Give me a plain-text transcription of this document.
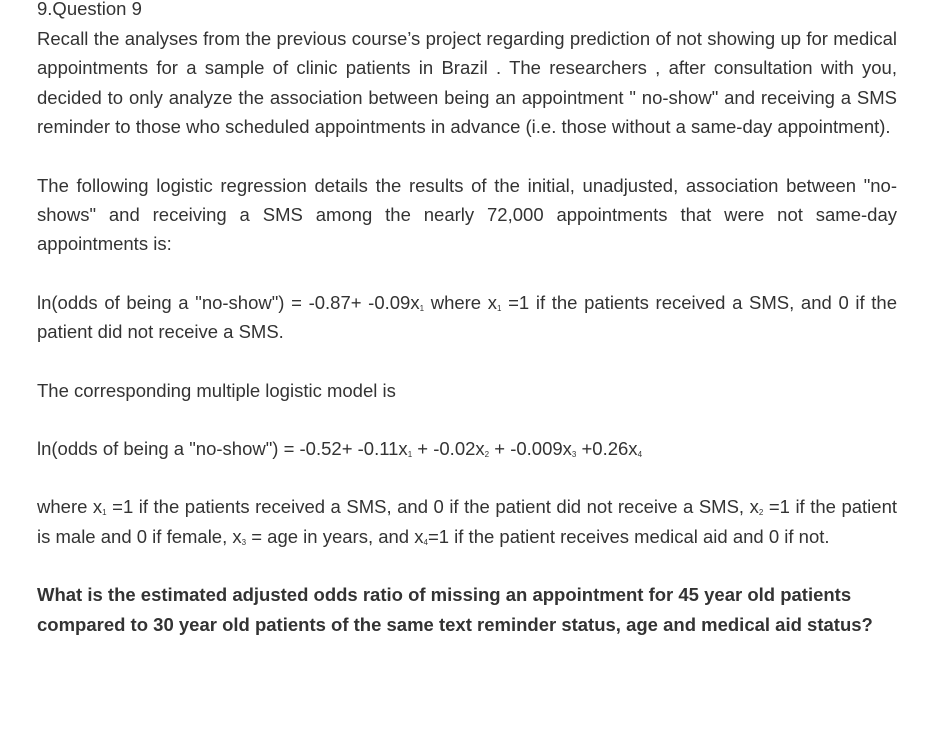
9.Question 9

Recall the analyses from the previous course’s project regarding prediction of not showing up for medical appointments for a sample of clinic patients in Brazil . The researchers , after consultation with you, decided to only analyze the association between being an appointment " no-show" and receiving a SMS reminder to those who scheduled appointments in advance (i.e. those without a same-day appointment).

The following logistic regression details the results of the initial, unadjusted, association between "no-shows" and receiving a SMS among the nearly 72,000 appointments that were not same-day appointments is:

ln(odds of being a "no-show") = $-0.87+ -0.09x_1$ where $x_1 =1$ if the patients received a SMS, and 0 if the patient did not receive a SMS.

The corresponding multiple logistic model is

ln(odds of being a "no-show") = $-0.52+ -0.11x_1 + -0.02x_2 + -0.009x_3 +0.26x_4$

where $x_1 =1$ if the patients received a SMS, and 0 if the patient did not receive a SMS, $x_2 =1$ if the patient is male and 0 if female, $x_3$ = age in years, and $x_4=1$ if the patient receives medical aid and 0 if not.

What is the estimated adjusted odds ratio of missing an appointment for 45 year old patients compared to 30 year old patients of the same text reminder status, age and medical aid status?
